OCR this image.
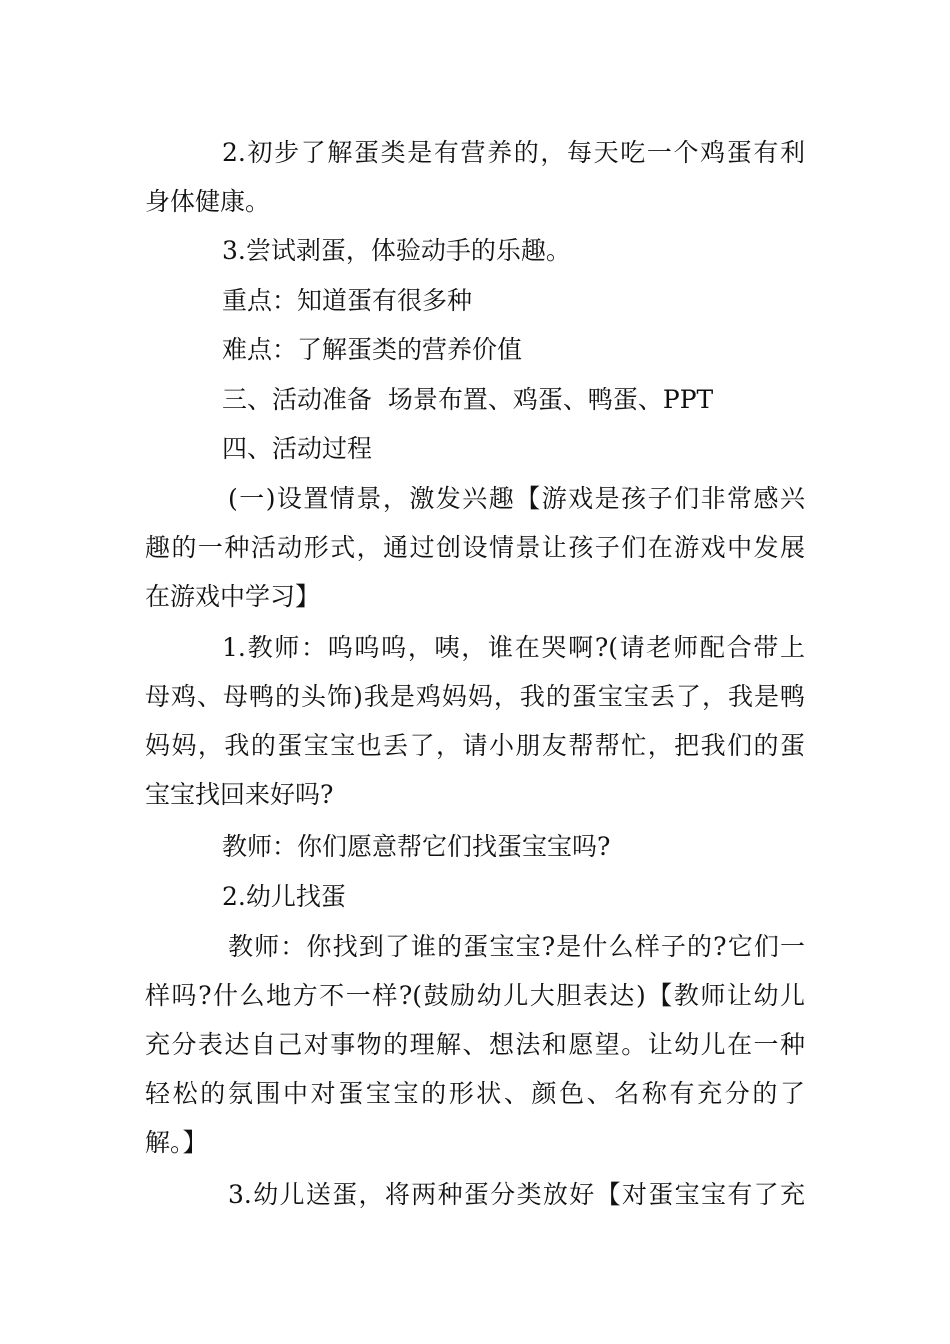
2.初步了解蛋类是有营养的，每天吃一个鸡蛋有利
身体健康。
3.尝试剥蛋，体验动手的乐趣。
重点：知道蛋有很多种
难点：了解蛋类的营养价值
三、活动准备  场景布置、鸡蛋、鸭蛋、PPT
四、活动过程
(一)设置情景，激发兴趣【游戏是孩子们非常感兴
趣的一种活动形式，通过创设情景让孩子们在游戏中发展
在游戏中学习】
1.教师：呜呜呜，咦，谁在哭啊?(请老师配合带上
母鸡、母鸭的头饰)我是鸡妈妈，我的蛋宝宝丢了，我是鸭
妈妈，我的蛋宝宝也丢了，请小朋友帮帮忙，把我们的蛋
宝宝找回来好吗?
教师：你们愿意帮它们找蛋宝宝吗?
2.幼儿找蛋
教师：你找到了谁的蛋宝宝?是什么样子的?它们一
样吗?什么地方不一样?(鼓励幼儿大胆表达)【教师让幼儿
充分表达自己对事物的理解、想法和愿望。让幼儿在一种
轻松的氛围中对蛋宝宝的形状、颜色、名称有充分的了
解。】
3.幼儿送蛋，将两种蛋分类放好【对蛋宝宝有了充
